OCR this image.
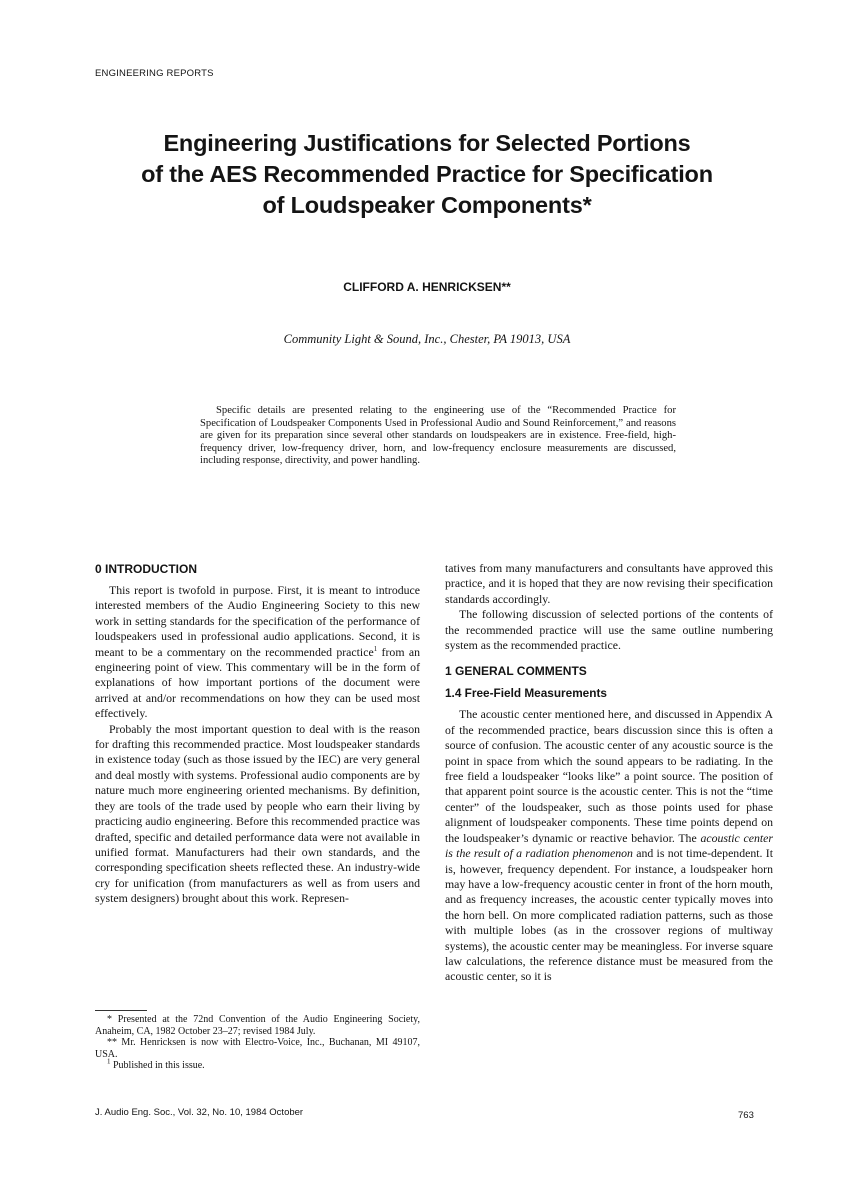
ENGINEERING REPORTS
Engineering Justifications for Selected Portions
of the AES Recommended Practice for Specification
of Loudspeaker Components*
CLIFFORD A. HENRICKSEN**
Community Light & Sound, Inc., Chester, PA 19013, USA
Specific details are presented relating to the engineering use of the “Recommended Practice for Specification of Loudspeaker Components Used in Professional Audio and Sound Reinforcement,” and reasons are given for its preparation since several other standards on loudspeakers are in existence. Free-field, high-frequency driver, low-frequency driver, horn, and low-frequency enclosure measurements are discussed, including response, directivity, and power handling.
0 INTRODUCTION

This report is twofold in purpose. First, it is meant to introduce interested members of the Audio Engineering Society to this new work in setting standards for the specification of the performance of loudspeakers used in professional audio applications. Second, it is meant to be a commentary on the recommended practice$^1$ from an engineering point of view. This commentary will be in the form of explanations of how important portions of the document were arrived at and/or recommendations on how they can be used most effectively.

Probably the most important question to deal with is the reason for drafting this recommended practice. Most loudspeaker standards in existence today (such as those issued by the IEC) are very general and deal mostly with systems. Professional audio components are by nature much more engineering oriented mechanisms. By definition, they are tools of the trade used by people who earn their living by practicing audio engineering. Before this recommended practice was drafted, specific and detailed performance data were not available in unified format. Manufacturers had their own standards, and the corresponding specification sheets reflected these. An industry-wide cry for unification (from manufacturers as well as from users and system designers) brought about this work. Represen-

tatives from many manufacturers and consultants have approved this practice, and it is hoped that they are now revising their specification standards accordingly.

The following discussion of selected portions of the contents of the recommended practice will use the same outline numbering system as the recommended practice.

1 GENERAL COMMENTS
1.4 Free-Field Measurements

The acoustic center mentioned here, and discussed in Appendix A of the recommended practice, bears discussion since this is often a source of confusion. The acoustic center of any acoustic source is the point in space from which the sound appears to be radiating. In the free field a loudspeaker “looks like” a point source. The position of that apparent point source is the acoustic center. This is not the “time center” of the loudspeaker, such as those points used for phase alignment of loudspeaker components. These time points depend on the loudspeaker’s dynamic or reactive behavior. The acoustic center is the result of a radiation phenomenon and is not time-dependent. It is, however, frequency dependent. For instance, a loudspeaker horn may have a low-frequency acoustic center in front of the horn mouth, and as frequency increases, the acoustic center typically moves into the horn bell. On more complicated radiation patterns, such as those with multiple lobes (as in the crossover regions of multiway systems), the acoustic center may be meaningless. For inverse square law calculations, the reference distance must be measured from the acoustic center, so it is

* Presented at the 72nd Convention of the Audio Engineering Society, Anaheim, CA, 1982 October 23–27; revised 1984 July.

** Mr. Henricksen is now with Electro-Voice, Inc., Buchanan, MI 49107, USA.

$^1$ Published in this issue.

J. Audio Eng. Soc., Vol. 32, No. 10, 1984 October	763
